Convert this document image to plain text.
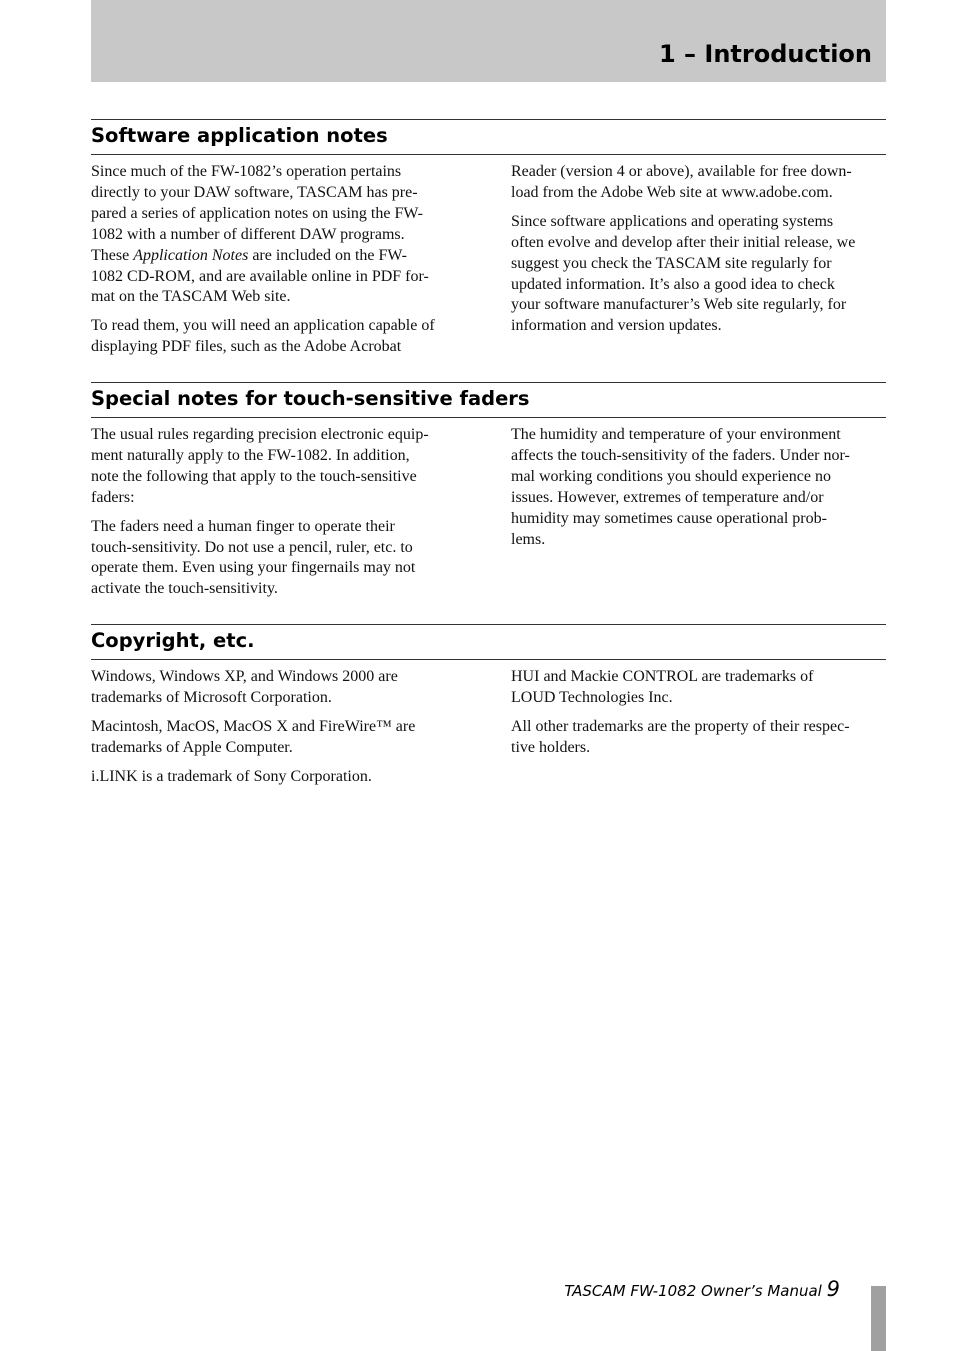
1 – Introduction
Software application notes

Since much of the FW-1082’s operation pertains
directly to your DAW software, TASCAM has pre-
pared a series of application notes on using the FW-
1082 with a number of different DAW programs.
These Application Notes are included on the FW-
1082 CD-ROM, and are available online in PDF for-
mat on the TASCAM Web site.

To read them, you will need an application capable of
displaying PDF files, such as the Adobe Acrobat

Reader (version 4 or above), available for free down-
load from the Adobe Web site at www.adobe.com.

Since software applications and operating systems
often evolve and develop after their initial release, we
suggest you check the TASCAM site regularly for
updated information. It’s also a good idea to check
your software manufacturer’s Web site regularly, for
information and version updates.

Special notes for touch-sensitive faders

The usual rules regarding precision electronic equip-
ment naturally apply to the FW-1082. In addition,
note the following that apply to the touch-sensitive
faders:

The faders need a human finger to operate their
touch-sensitivity. Do not use a pencil, ruler, etc. to
operate them. Even using your fingernails may not
activate the touch-sensitivity.

The humidity and temperature of your environment
affects the touch-sensitivity of the faders. Under nor-
mal working conditions you should experience no
issues. However, extremes of temperature and/or
humidity may sometimes cause operational prob-
lems.

Copyright, etc.

Windows, Windows XP, and Windows 2000 are
trademarks of Microsoft Corporation.

Macintosh, MacOS, MacOS X and FireWire™ are
trademarks of Apple Computer.

i.LINK is a trademark of Sony Corporation.

HUI and Mackie CONTROL are trademarks of
LOUD Technologies Inc.

All other trademarks are the property of their respec-
tive holders.

TASCAM FW-1082 Owner’s Manual 9
